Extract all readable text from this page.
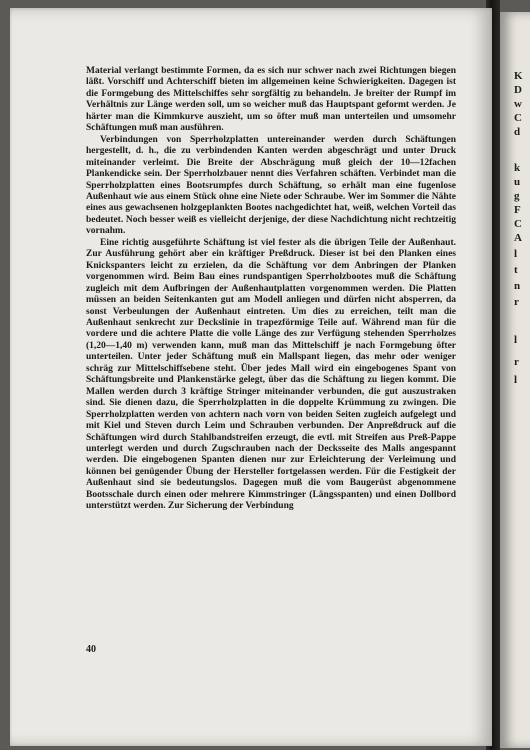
K
D
w
C
d
k
u
g
F
C
A
l
t
n
r
l
r
l

Material verlangt bestimmte Formen, da es sich nur schwer nach zwei Richtungen biegen läßt. Vorschiff und Achterschiff bieten im allgemeinen keine Schwierigkeiten. Dagegen ist die Formgebung des Mittelschiffes sehr sorgfältig zu behandeln. Je breiter der Rumpf im Verhältnis zur Länge werden soll, um so weicher muß das Hauptspant geformt werden. Je härter man die Kimmkurve auszieht, um so öfter muß man unterteilen und umsomehr Schäftungen muß man ausführen.

Verbindungen von Sperrholzplatten untereinander werden durch Schäftungen hergestellt, d. h., die zu verbindenden Kanten werden abgeschrägt und unter Druck miteinander verleimt. Die Breite der Abschrägung muß gleich der 10—12fachen Plankendicke sein. Der Sperrholzbauer nennt dies Verfahren schäften. Verbindet man die Sperrholzplatten eines Bootsrumpfes durch Schäftung, so erhält man eine fugenlose Außenhaut wie aus einem Stück ohne eine Niete oder Schraube. Wer im Sommer die Nähte eines aus gewachsenen holzgeplankten Bootes nachgedichtet hat, weiß, welchen Vorteil das bedeutet. Noch besser weiß es vielleicht derjenige, der diese Nachdichtung nicht rechtzeitig vornahm.

Eine richtig ausgeführte Schäftung ist viel fester als die übrigen Teile der Außenhaut. Zur Ausführung gehört aber ein kräftiger Preßdruck. Dieser ist bei den Planken eines Knickspanters leicht zu erzielen, da die Schäftung vor dem Anbringen der Planken vorgenommen wird. Beim Bau eines rundspantigen Sperrholzbootes muß die Schäftung zugleich mit dem Aufbringen der Außenhautplatten vorgenommen werden. Die Platten müssen an beiden Seitenkanten gut am Modell anliegen und dürfen nicht absperren, da sonst Verbeulungen der Außenhaut eintreten. Um dies zu erreichen, teilt man die Außenhaut senkrecht zur Deckslinie in trapezförmige Teile auf. Während man für die vordere und die achtere Platte die volle Länge des zur Verfügung stehenden Sperrholzes (1,20—1,40 m) verwenden kann, muß man das Mittelschiff je nach Formgebung öfter unterteilen. Unter jeder Schäftung muß ein Mallspant liegen, das mehr oder weniger schräg zur Mittelschiffsebene steht. Über jedes Mall wird ein eingebogenes Spant von Schäftungsbreite und Plankenstärke gelegt, über das die Schäftung zu liegen kommt. Die Mallen werden durch 3 kräftige Stringer miteinander verbunden, die gut auszustraken sind. Sie dienen dazu, die Sperrholzplatten in die doppelte Krümmung zu zwingen. Die Sperrholzplatten werden von achtern nach vorn von beiden Seiten zugleich aufgelegt und mit Kiel und Steven durch Leim und Schrauben verbunden. Der Anpreßdruck auf die Schäftungen wird durch Stahlbandstreifen erzeugt, die evtl. mit Streifen aus Preß-Pappe unterlegt werden und durch Zugschrauben nach der Decksseite des Malls angespannt werden. Die eingebogenen Spanten dienen nur zur Erleichterung der Verleimung und können bei genügender Übung der Hersteller fortgelassen werden. Für die Festigkeit der Außenhaut sind sie bedeutungslos. Dagegen muß die vom Baugerüst abgenommene Bootsschale durch einen oder mehrere Kimmstringer (Längsspanten) und einen Dollbord unterstützt werden. Zur Sicherung der Verbindung

40
